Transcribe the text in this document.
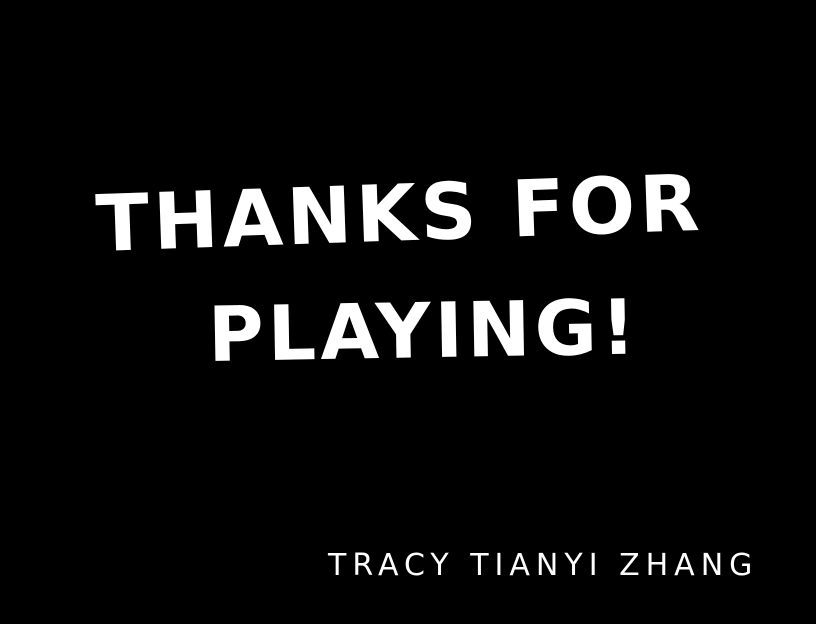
THANKS FOR
PLAYING!
TRACY TIANYI ZHANG
